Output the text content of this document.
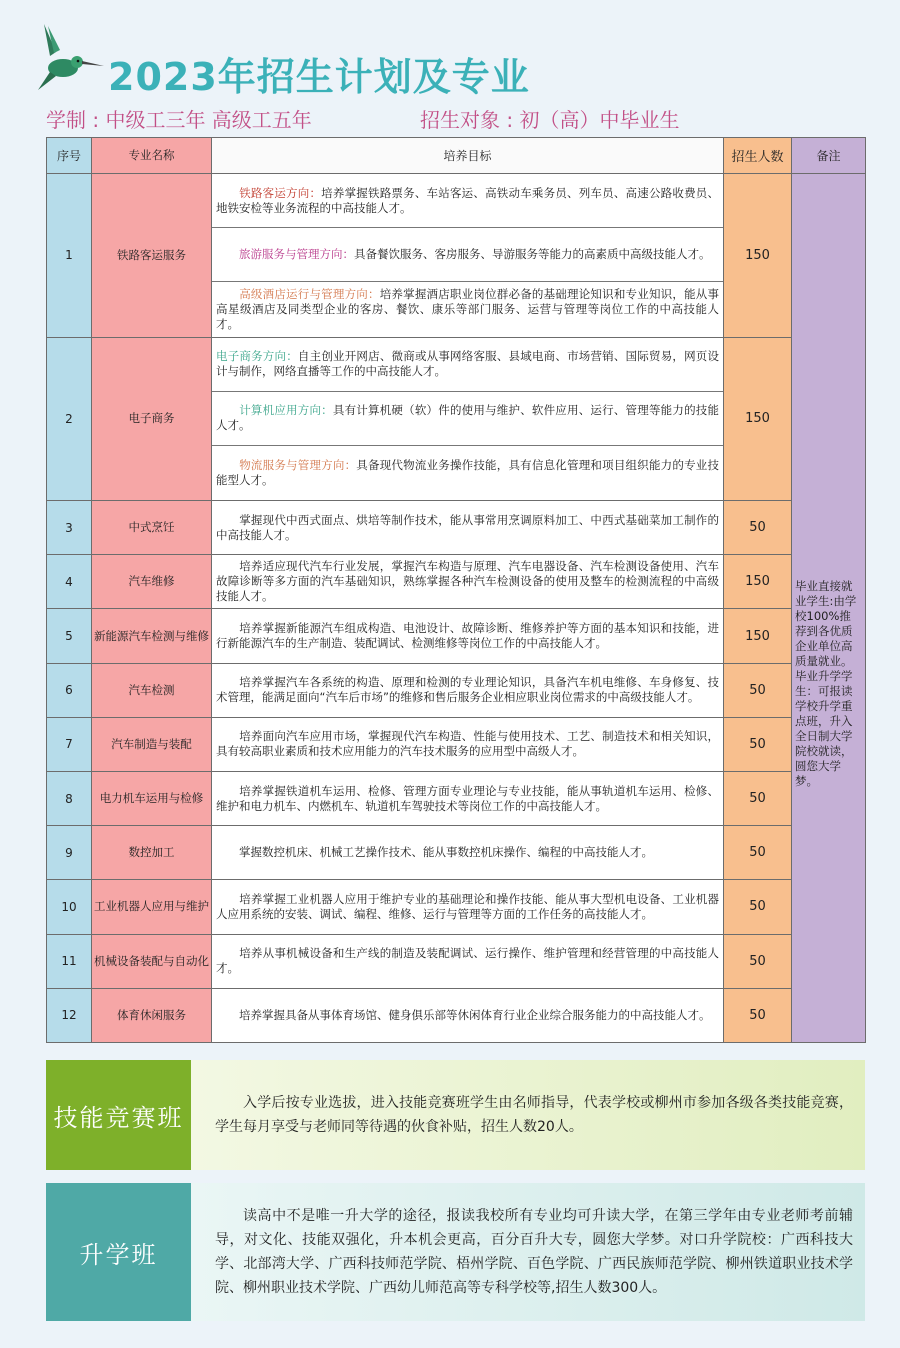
2023年招生计划及专业
学制 : 中级工三年 高级工五年	招生对象 : 初（高）中毕业生
序号	专业名称	培养目标	招生人数	备注
1	铁路客运服务	
  铁路客运方向：培养掌握铁路票务、车站客运、高铁动车乘务员、列车员、高速公路收费员、地铁安检等业务流程的中高技能人才。
  旅游服务与管理方向：具备餐饮服务、客房服务、导游服务等能力的高素质中高级技能人才。
  高级酒店运行与管理方向：培养掌握酒店职业岗位群必备的基础理论知识和专业知识，能从事高星级酒店及同类型企业的客房、餐饮、康乐等部门服务、运营与管理等岗位工作的中高技能人才。	150	毕业直接就业学生:由学校100%推荐到各优质企业单位高质量就业。 毕业升学学生：可报读学校升学重点班，升入全日制大学院校就读，圆您大学梦。

2	电子商务	电子商务方向：自主创业开网店、微商或从事网络客服、县域电商、市场营销、国际贸易，网页设计与制作，网络直播等工作的中高技能人才。
  计算机应用方向：具有计算机硬（软）件的使用与维护、软件应用、运行、管理等能力的技能人才。
  物流服务与管理方向：具备现代物流业务操作技能，具有信息化管理和项目组织能力的专业技能型人才。	150	
3	中式烹饪	
  掌握现代中西式面点、烘培等制作技术，能从事常用烹调原料加工、中西式基础菜加工制作的中高技能人才。	50	
4	汽车维修	
  培养适应现代汽车行业发展，掌握汽车构造与原理、汽车电器设备、汽车检测设备使用、汽车故障诊断等多方面的汽车基础知识，熟练掌握各种汽车检测设备的使用及整车的检测流程的中高级技能人才。	150	
5	新能源汽车检测与维修	
  培养掌握新能源汽车组成构造、电池设计、故障诊断、维修养护等方面的基本知识和技能，进行新能源汽车的生产制造、装配调试、检测维修等岗位工作的中高技能人才。	150	
6	汽车检测	
  培养掌握汽车各系统的构造、原理和检测的专业理论知识，具备汽车机电维修、车身修复、技术管理，能满足面向“汽车后市场”的维修和售后服务企业相应职业岗位需求的中高级技能人才。	50	
7	汽车制造与装配	
  培养面向汽车应用市场，掌握现代汽车构造、性能与使用技术、工艺、制造技术和相关知识，具有较高职业素质和技术应用能力的汽车技术服务的应用型中高级人才。	50	
8	电力机车运用与检修	
  培养掌握铁道机车运用、检修、管理方面专业理论与专业技能，能从事轨道机车运用、检修、维护和电力机车、内燃机车、轨道机车驾驶技术等岗位工作的中高技能人才。	50	
9	数控加工	
  掌握数控机床、机械工艺操作技术、能从事数控机床操作、编程的中高技能人才。	50	
10	工业机器人应用与维护	
  培养掌握工业机器人应用于维护专业的基础理论和操作技能、能从事大型机电设备、工业机器人应用系统的安装、调试、编程、维修、运行与管理等方面的工作任务的高技能人才。	50	
11	机械设备装配与自动化	
  培养从事机械设备和生产线的制造及装配调试、运行操作、维护管理和经营管理的中高技能人才。	50	
12	体育休闲服务	
  培养掌握具备从事体育场馆、健身俱乐部等休闲体育行业企业综合服务能力的中高技能人才。	50	
技能竞赛班

入学后按专业选拔，进入技能竞赛班学生由名师指导，代表学校或柳州市参加各级各类技能竞赛，学生每月享受与老师同等待遇的伙食补贴，招生人数20人。

升学班

读高中不是唯一升大学的途径，报读我校所有专业均可升读大学，在第三学年由专业老师考前辅导，对文化、技能双强化，升本机会更高，百分百升大专，圆您大学梦。对口升学院校：广西科技大学、北部湾大学、广西科技师范学院、梧州学院、百色学院、广西民族师范学院、柳州铁道职业技术学院、柳州职业技术学院、广西幼儿师范高等专科学校等,招生人数300人。
